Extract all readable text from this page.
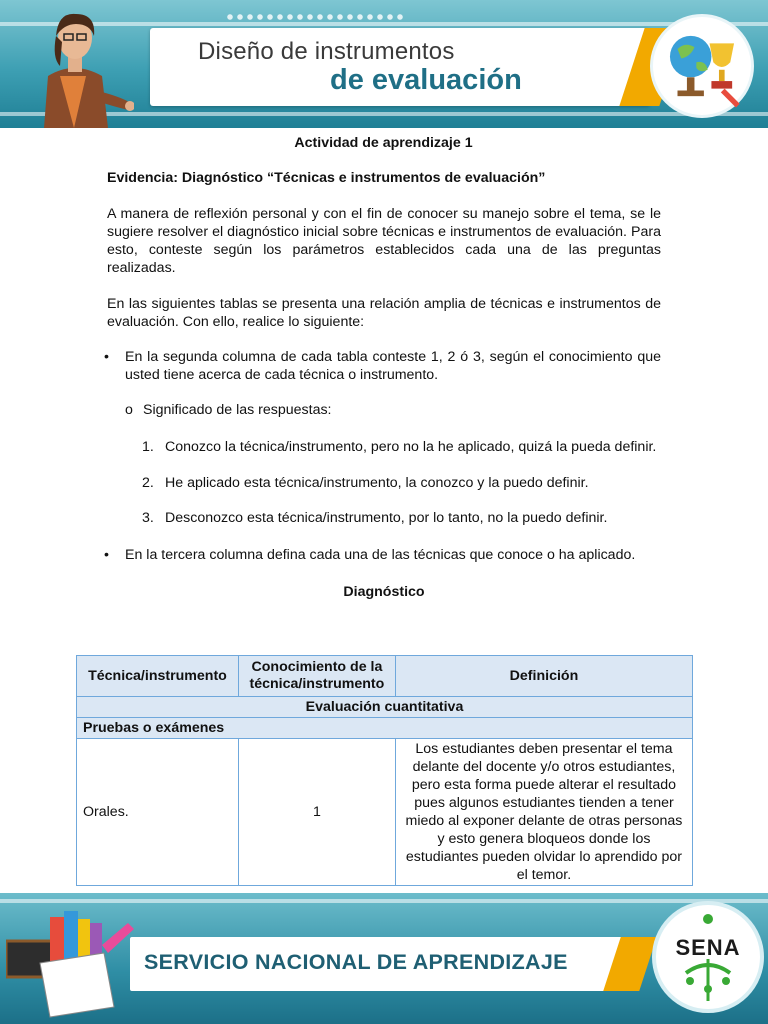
Diseño de instrumentos
de evaluación
Actividad de aprendizaje 1
Evidencia: Diagnóstico “Técnicas e instrumentos de evaluación”
A manera de reflexión personal y con el fin de conocer su manejo sobre el tema, se le sugiere resolver el diagnóstico inicial sobre técnicas e instrumentos de evaluación. Para esto, conteste según los parámetros establecidos cada una de las preguntas realizadas.
En las siguientes tablas se presenta una relación amplia de técnicas e instrumentos de evaluación. Con ello, realice lo siguiente:
• En la segunda columna de cada tabla conteste 1, 2 ó 3, según el conocimiento que usted tiene acerca de cada técnica o instrumento.
o Significado de las respuestas:
1. Conozco la técnica/instrumento, pero no la he aplicado, quizá la pueda definir.
2. He aplicado esta técnica/instrumento, la conozco y la puedo definir.
3. Desconozco esta técnica/instrumento, por lo tanto, no la puedo definir.
• En la tercera columna defina cada una de las técnicas que conoce o ha aplicado.
Diagnóstico
Técnica/instrumento	Conocimiento de la técnica/instrumento	Definición
Evaluación cuantitativa		
Pruebas o exámenes		
Orales.	1	Los estudiantes deben presentar el tema delante del docente y/o otros estudiantes, pero esta forma puede alterar el resultado pues algunos estudiantes tienden a tener miedo al exponer delante de otras personas y esto genera bloqueos donde los estudiantes pueden olvidar lo aprendido por el temor.
SERVICIO NACIONAL DE APRENDIZAJE
SENA
